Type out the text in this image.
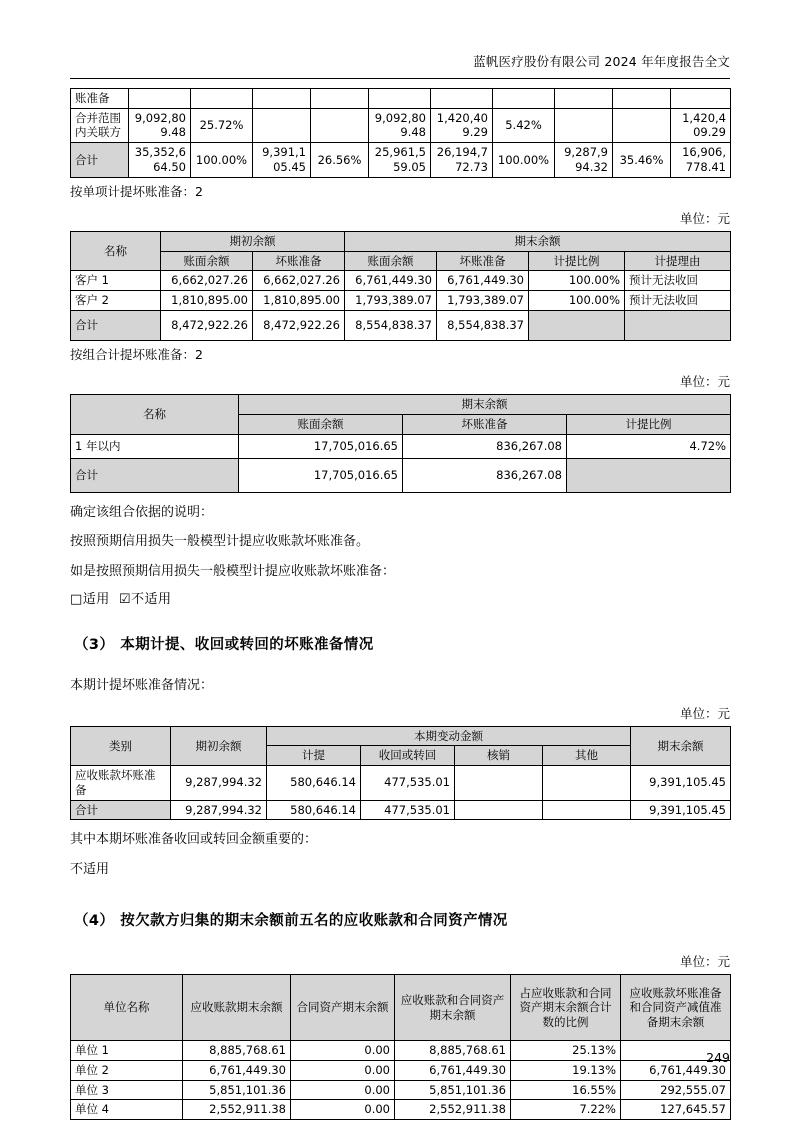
蓝帆医疗股份有限公司 2024 年年度报告全文
账准备										
合并范围内关联方	9,092,809.48	25.72%			9,092,809.48	1,420,409.29	5.42%			1,420,409.29
合计	35,352,664.50	100.00%	9,391,105.45	26.56%	25,961,559.05	26,194,772.73	100.00%	9,287,994.32	35.46%	16,906,778.41
按单项计提坏账准备：2
单位：元
名称	期初余额		期末余额			
	账面余额	坏账准备	账面余额	坏账准备	计提比例	计提理由
客户 1	6,662,027.26	6,662,027.26	6,761,449.30	6,761,449.30	100.00%	预计无法收回
客户 2	1,810,895.00	1,810,895.00	1,793,389.07	1,793,389.07	100.00%	预计无法收回
合计	8,472,922.26	8,472,922.26	8,554,838.37	8,554,838.37		
按组合计提坏账准备：2
单位：元
名称	期末余额		
	账面余额	坏账准备	计提比例
1 年以内	17,705,016.65	836,267.08	4.72%
合计	17,705,016.65	836,267.08	
确定该组合依据的说明：
按照预期信用损失一般模型计提应收账款坏账准备。
如是按照预期信用损失一般模型计提应收账款坏账准备：
□适用 ☑不适用
（3） 本期计提、收回或转回的坏账准备情况
本期计提坏账准备情况：
单位：元
类别	期初余额	本期变动金额				期末余额
		计提	收回或转回	核销	其他	
应收账款坏账准备	9,287,994.32	580,646.14	477,535.01			9,391,105.45
合计	9,287,994.32	580,646.14	477,535.01			9,391,105.45
其中本期坏账准备收回或转回金额重要的：
不适用
（4） 按欠款方归集的期末余额前五名的应收账款和合同资产情况
单位：元
单位名称	应收账款期末余额	合同资产期末余额	应收账款和合同资产期末余额	占应收账款和合同资产期末余额合计数的比例	应收账款坏账准备和合同资产减值准备期末余额
单位 1	8,885,768.61	0.00	8,885,768.61	25.13%	
单位 2	6,761,449.30	0.00	6,761,449.30	19.13%	6,761,449.30
单位 3	5,851,101.36	0.00	5,851,101.36	16.55%	292,555.07
单位 4	2,552,911.38	0.00	2,552,911.38	7.22%	127,645.57
249
